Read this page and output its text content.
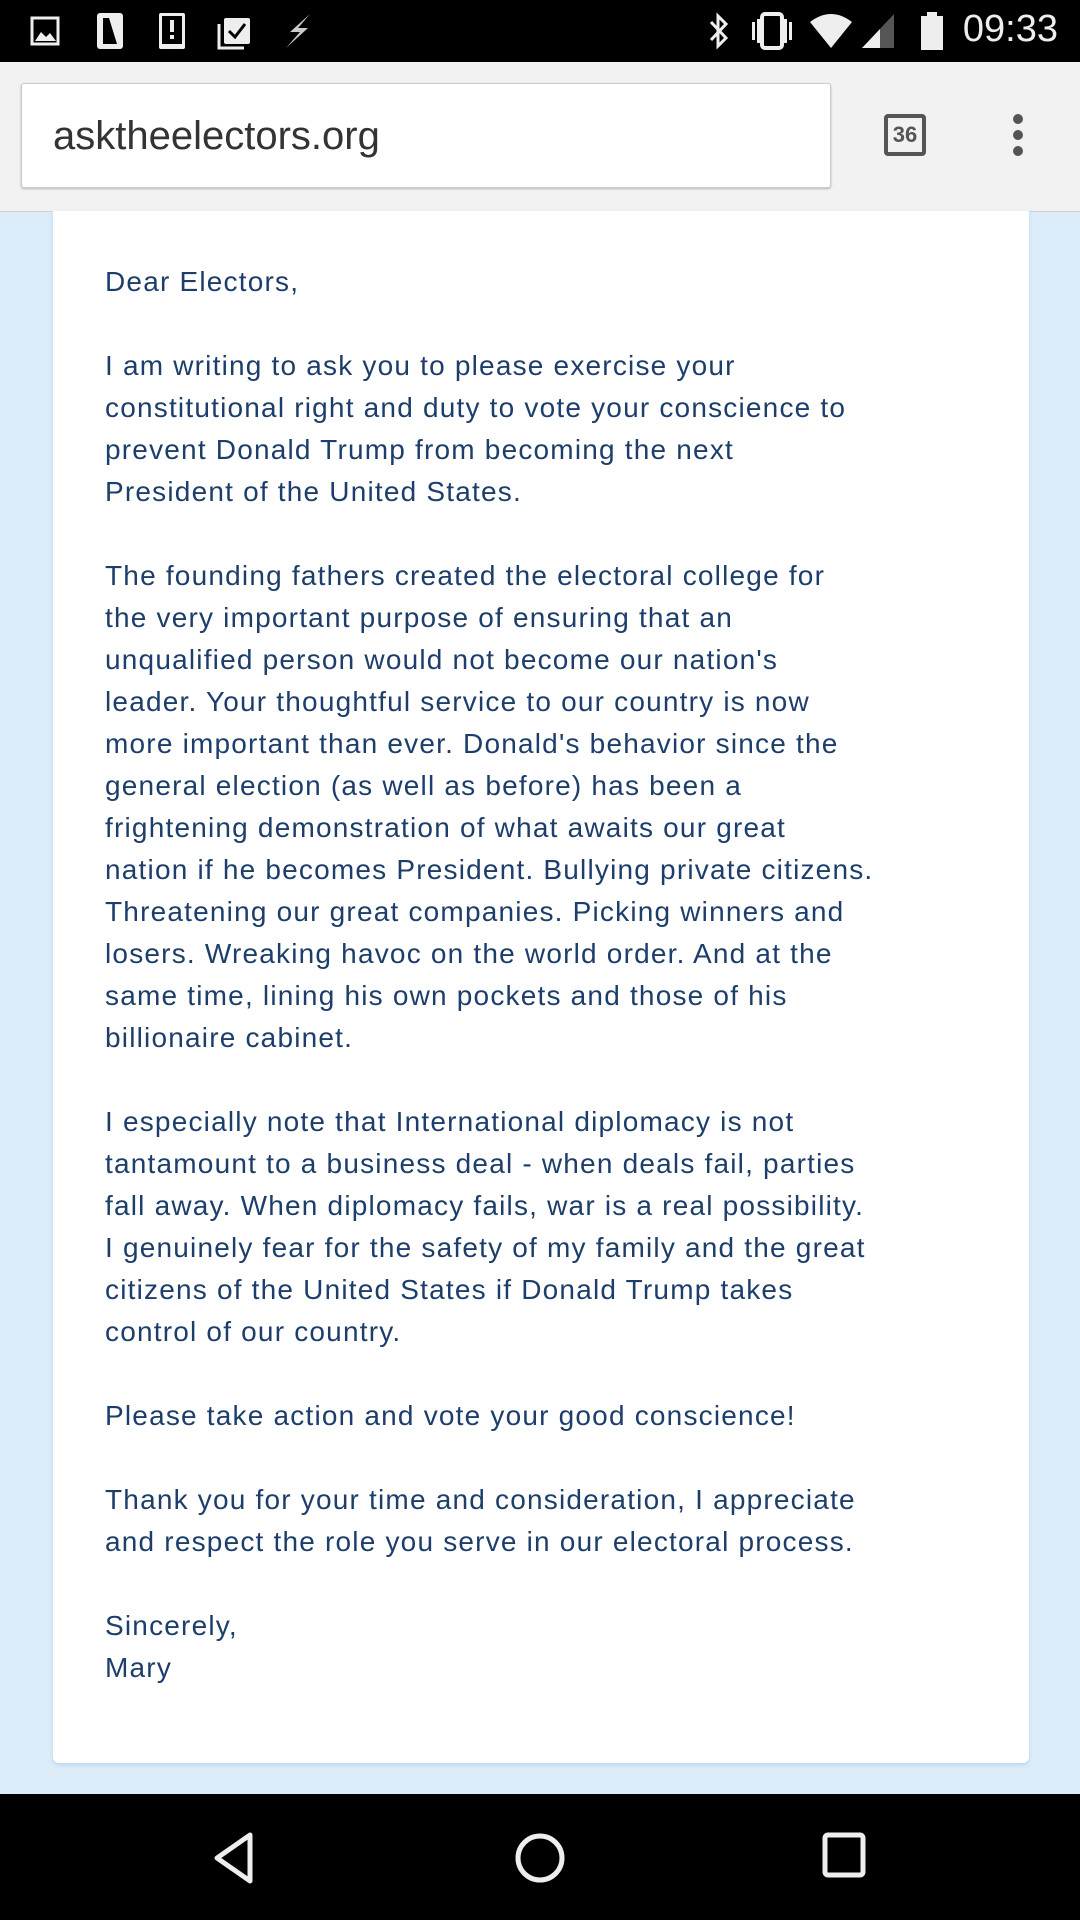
09:33
asktheelectors.org	36
Dear Electors,
I am writing to ask you to please exercise your
constitutional right and duty to vote your conscience to
prevent Donald Trump from becoming the next
President of the United States.
The founding fathers created the electoral college for
the very important purpose of ensuring that an
unqualified person would not become our nation's
leader. Your thoughtful service to our country is now
more important than ever. Donald's behavior since the
general election (as well as before) has been a
frightening demonstration of what awaits our great
nation if he becomes President. Bullying private citizens.
Threatening our great companies. Picking winners and
losers. Wreaking havoc on the world order. And at the
same time, lining his own pockets and those of his
billionaire cabinet.
I especially note that International diplomacy is not
tantamount to a business deal - when deals fail, parties
fall away. When diplomacy fails, war is a real possibility.
I genuinely fear for the safety of my family and the great
citizens of the United States if Donald Trump takes
control of our country.
Please take action and vote your good conscience!
Thank you for your time and consideration, I appreciate
and respect the role you serve in our electoral process.
Sincerely,
Mary
